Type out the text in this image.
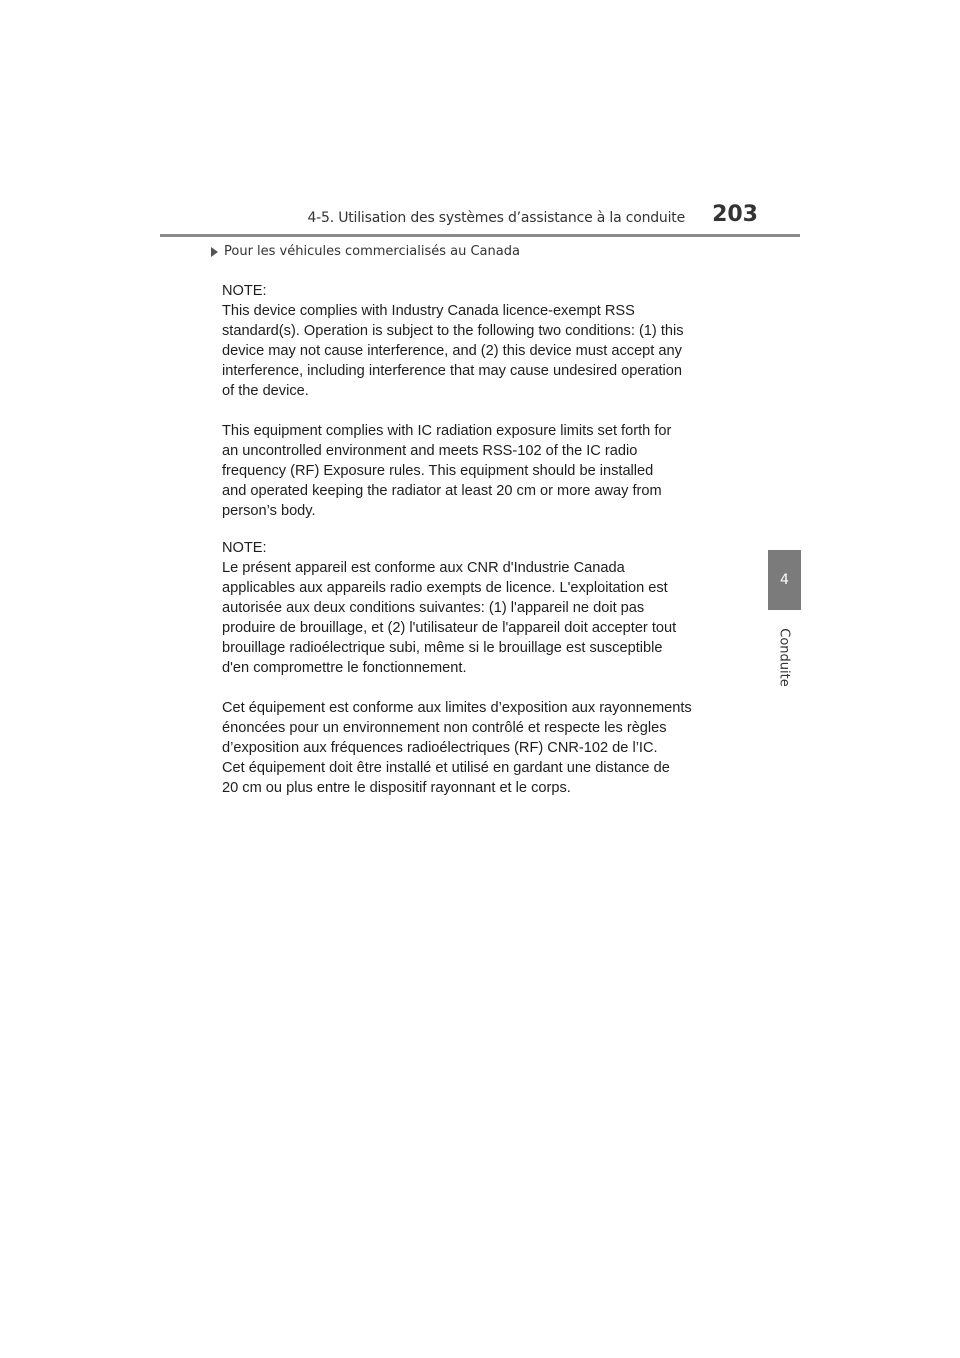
4-5. Utilisation des systèmes d’assistance à la conduite 203
4
Conduite
Pour les véhicules commercialisés au Canada

NOTE:

This device complies with Industry Canada licence-exempt RSS
standard(s). Operation is subject to the following two conditions: (1) this
device may not cause interference, and (2) this device must accept any
interference, including interference that may cause undesired operation
of the device.

This equipment complies with IC radiation exposure limits set forth for
an uncontrolled environment and meets RSS-102 of the IC radio
frequency (RF) Exposure rules. This equipment should be installed
and operated keeping the radiator at least 20 cm or more away from
person’s body.

NOTE:

Le présent appareil est conforme aux CNR d'Industrie Canada
applicables aux appareils radio exempts de licence. L'exploitation est
autorisée aux deux conditions suivantes: (1) l'appareil ne doit pas
produire de brouillage, et (2) l'utilisateur de l'appareil doit accepter tout
brouillage radioélectrique subi, même si le brouillage est susceptible
d'en compromettre le fonctionnement.

Cet équipement est conforme aux limites d’exposition aux rayonnements
énoncées pour un environnement non contrôlé et respecte les règles
d’exposition aux fréquences radioélectriques (RF) CNR-102 de l’IC.
Cet équipement doit être installé et utilisé en gardant une distance de
20 cm ou plus entre le dispositif rayonnant et le corps.
